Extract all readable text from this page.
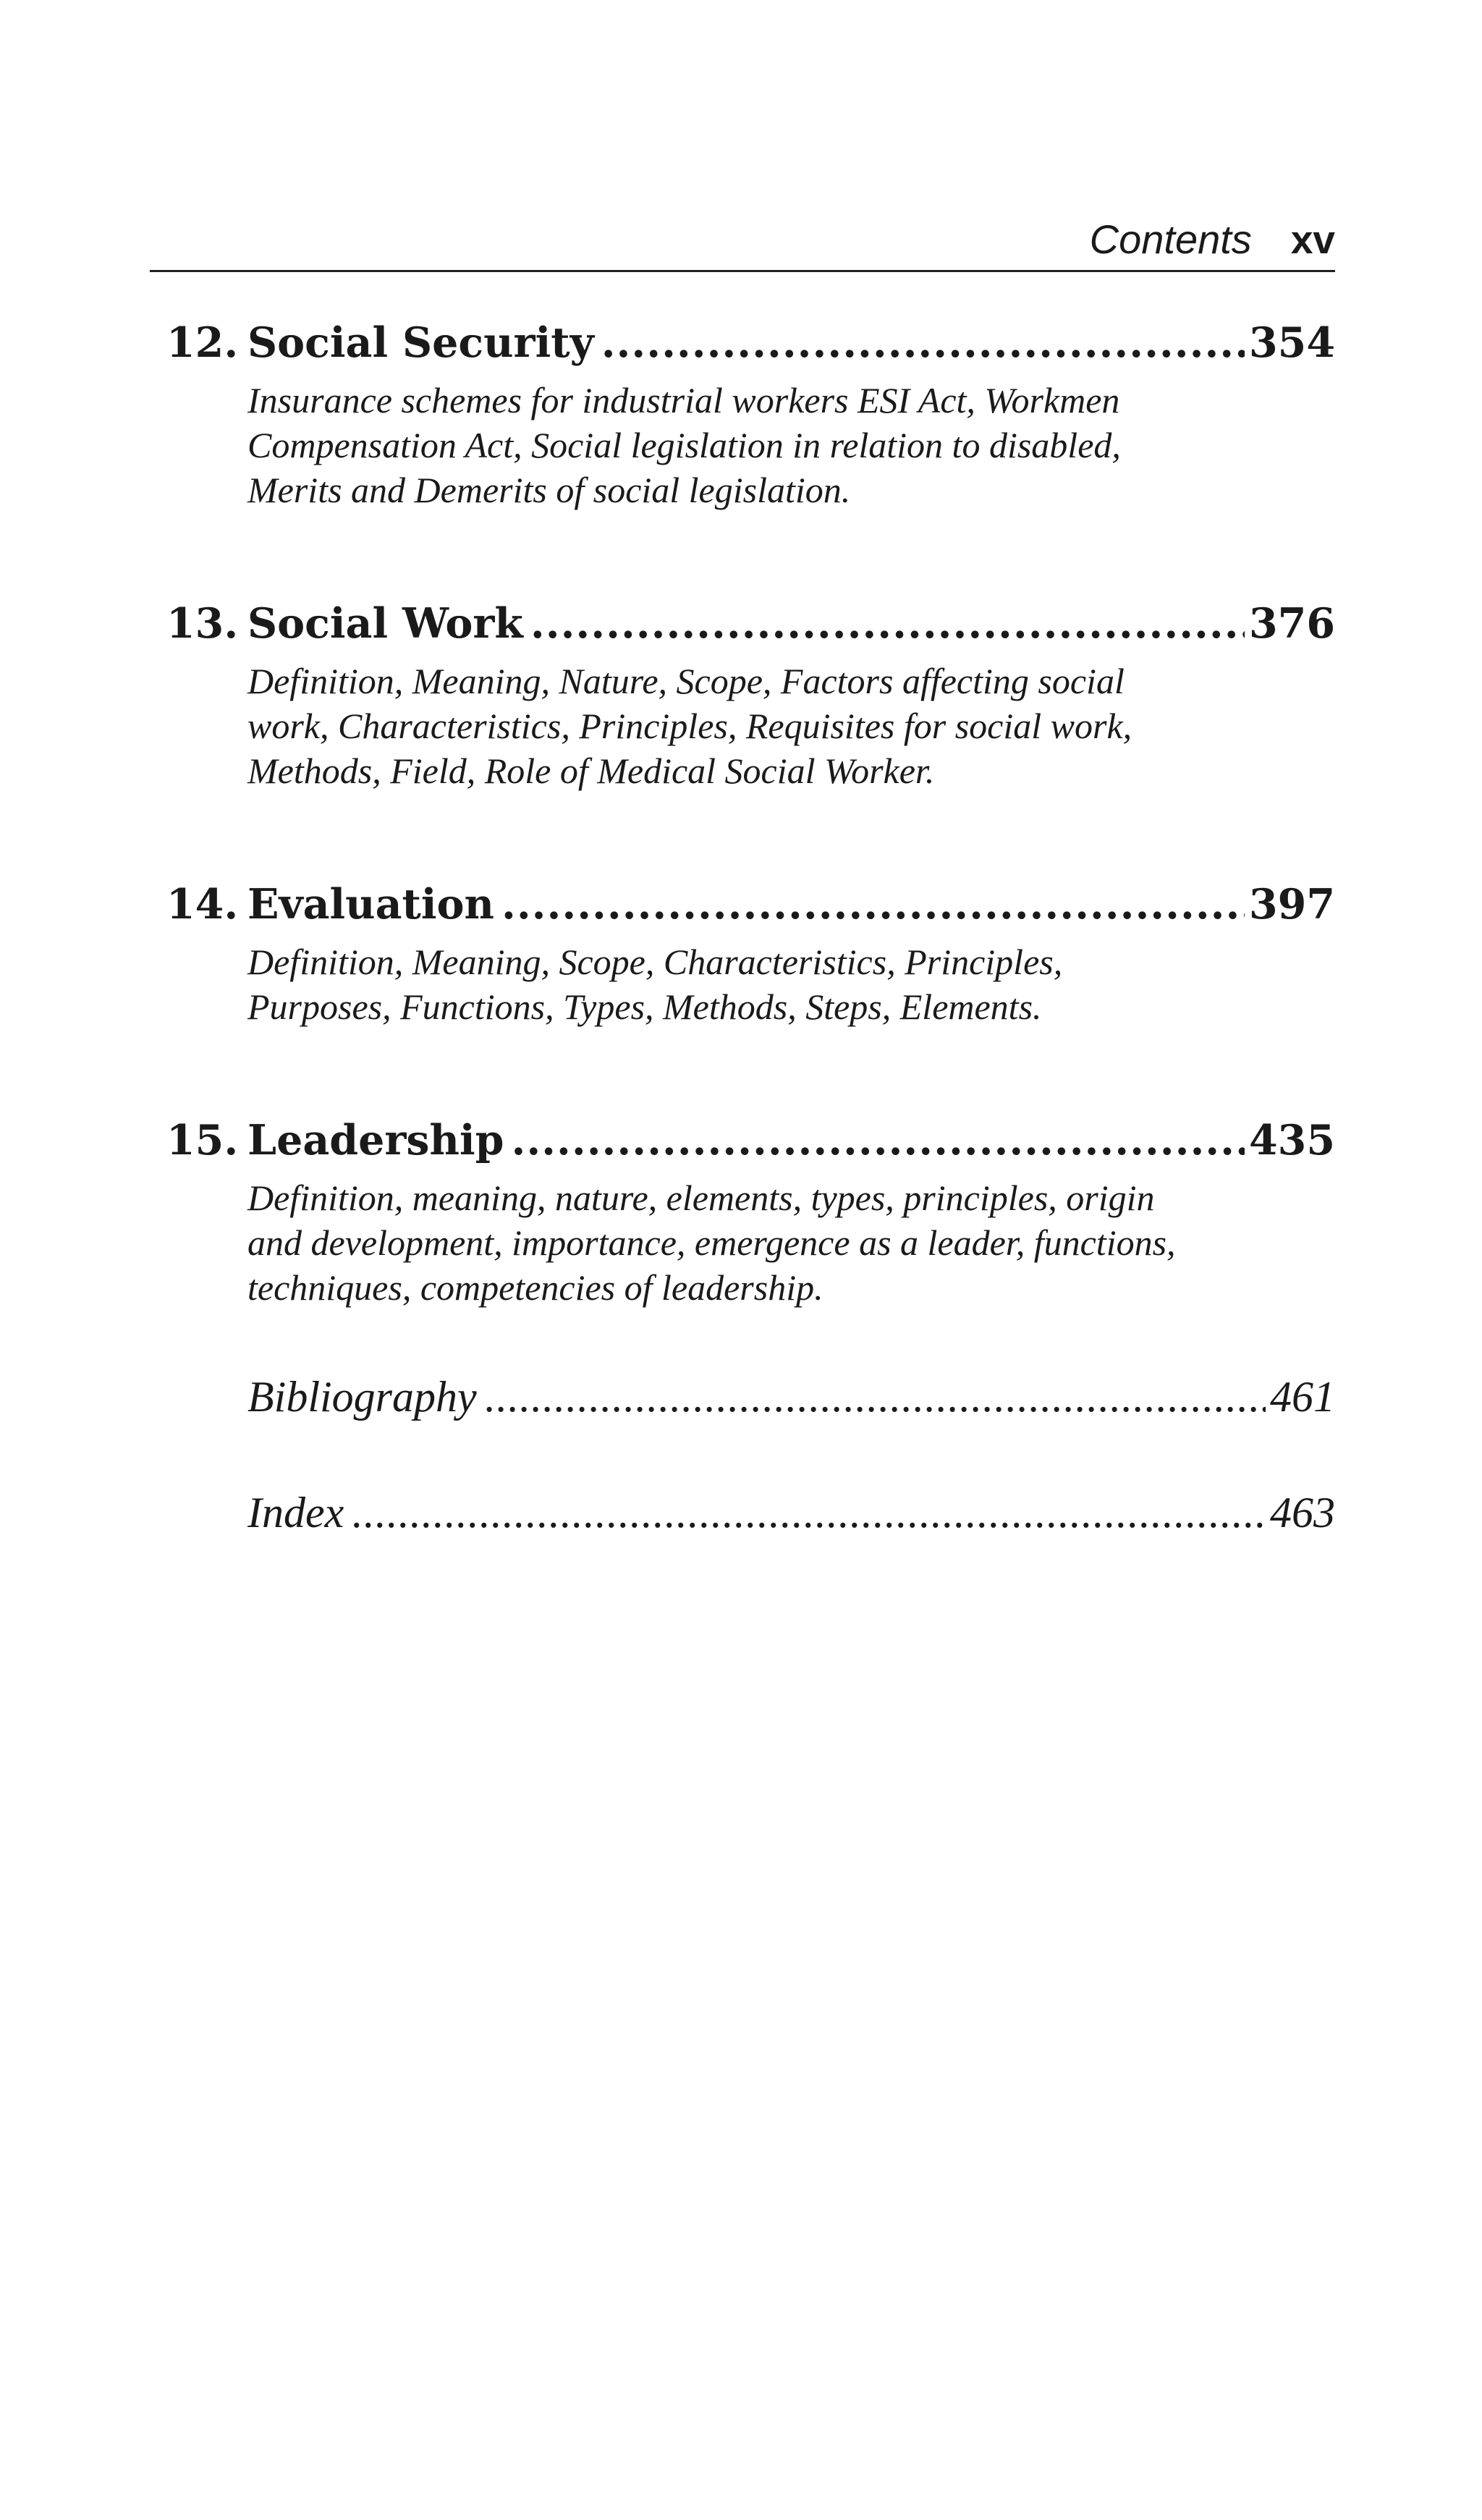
Contents xv
12. Social Security .....	354
Insurance schemes for industrial workers ESI Act, Workmen Compensation Act, Social legislation in relation to disabled, Merits and Demerits of social legislation.
13. Social Work .....	376
Definition, Meaning, Nature, Scope, Factors affecting social work, Characteristics, Principles, Requisites for social work, Methods, Field, Role of Medical Social Worker.
14. Evaluation .....	397
Definition, Meaning, Scope, Characteristics, Principles, Purposes, Functions, Types, Methods, Steps, Elements.
15. Leadership .....	435
Definition, meaning, nature, elements, types, principles, origin and development, importance, emergence as a leader, functions, techniques, competencies of leadership.
Bibliography .....	461
Index .....	463
